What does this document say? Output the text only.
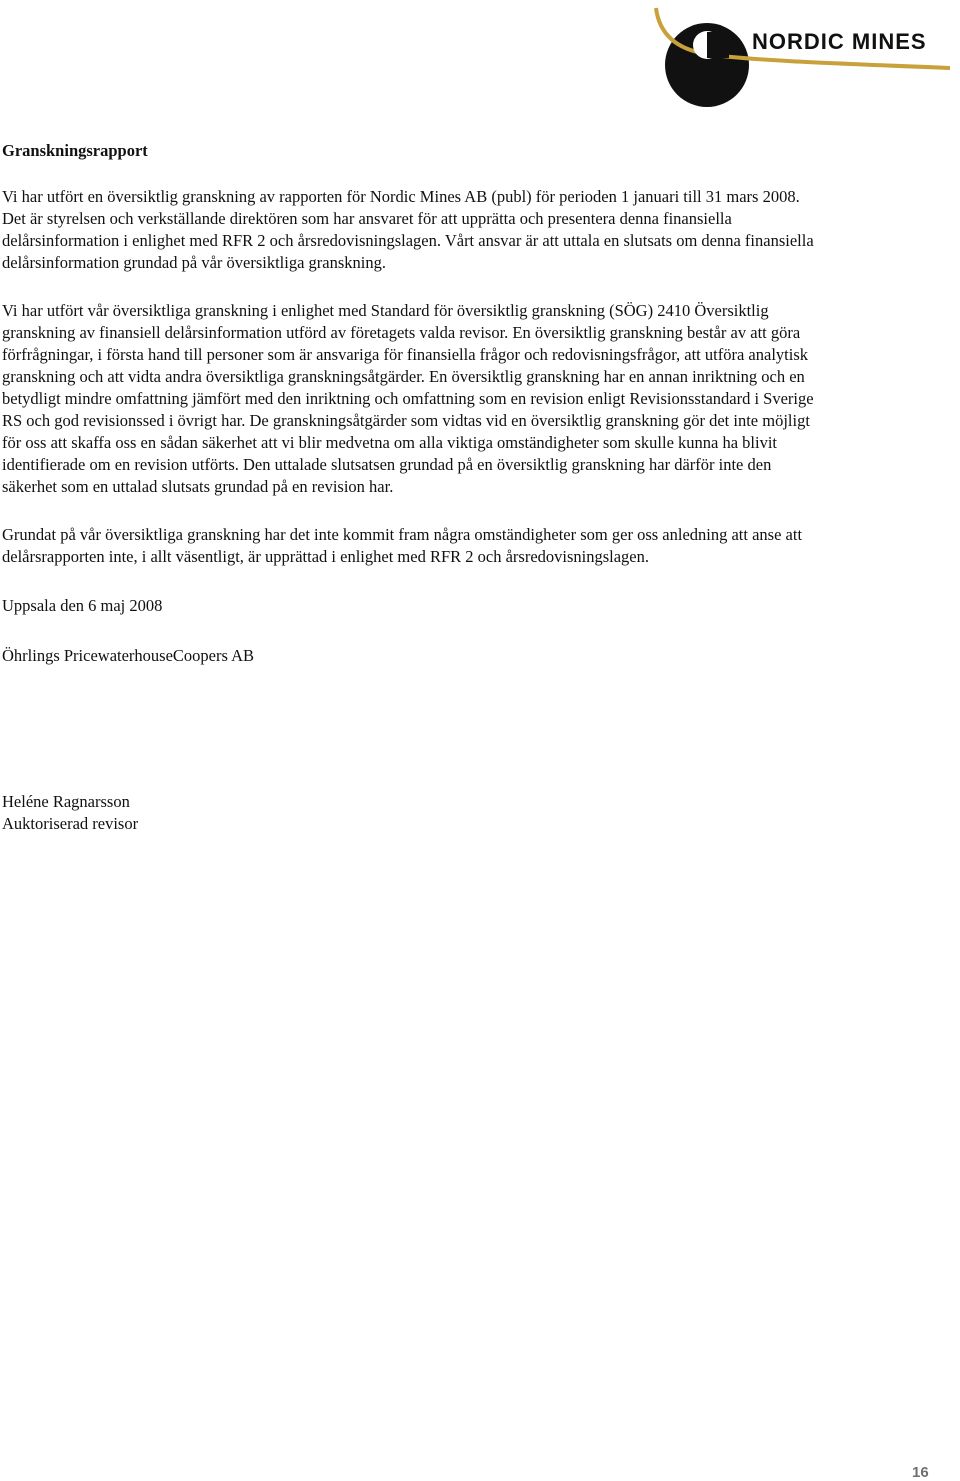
NORDIC MINES
Granskningsrapport
Vi har utfört en översiktlig granskning av rapporten för Nordic Mines AB (publ) för perioden 1 januari till 31 mars 2008.
Det är styrelsen och verkställande direktören som har ansvaret för att upprätta och presentera denna finansiella
delårsinformation i enlighet med RFR 2 och årsredovisningslagen. Vårt ansvar är att uttala en slutsats om denna finansiella
delårsinformation grundad på vår översiktliga granskning.
Vi har utfört vår översiktliga granskning i enlighet med Standard för översiktlig granskning (SÖG) 2410 Översiktlig
granskning av finansiell delårsinformation utförd av företagets valda revisor. En översiktlig granskning består av att göra
förfrågningar, i första hand till personer som är ansvariga för finansiella frågor och redovisningsfrågor, att utföra analytisk
granskning och att vidta andra översiktliga granskningsåtgärder. En översiktlig granskning har en annan inriktning och en
betydligt mindre omfattning jämfört med den inriktning och omfattning som en revision enligt Revisionsstandard i Sverige
RS och god revisionssed i övrigt har. De granskningsåtgärder som vidtas vid en översiktlig granskning gör det inte möjligt
för oss att skaffa oss en sådan säkerhet att vi blir medvetna om alla viktiga omständigheter som skulle kunna ha blivit
identifierade om en revision utförts. Den uttalade slutsatsen grundad på en översiktlig granskning har därför inte den
säkerhet som en uttalad slutsats grundad på en revision har.
Grundat på vår översiktliga granskning har det inte kommit fram några omständigheter som ger oss anledning att anse att
delårsrapporten inte, i allt väsentligt, är upprättad i enlighet med RFR 2 och årsredovisningslagen.
Uppsala den 6 maj 2008
Öhrlings PricewaterhouseCoopers AB
Heléne Ragnarsson
Auktoriserad revisor
16
